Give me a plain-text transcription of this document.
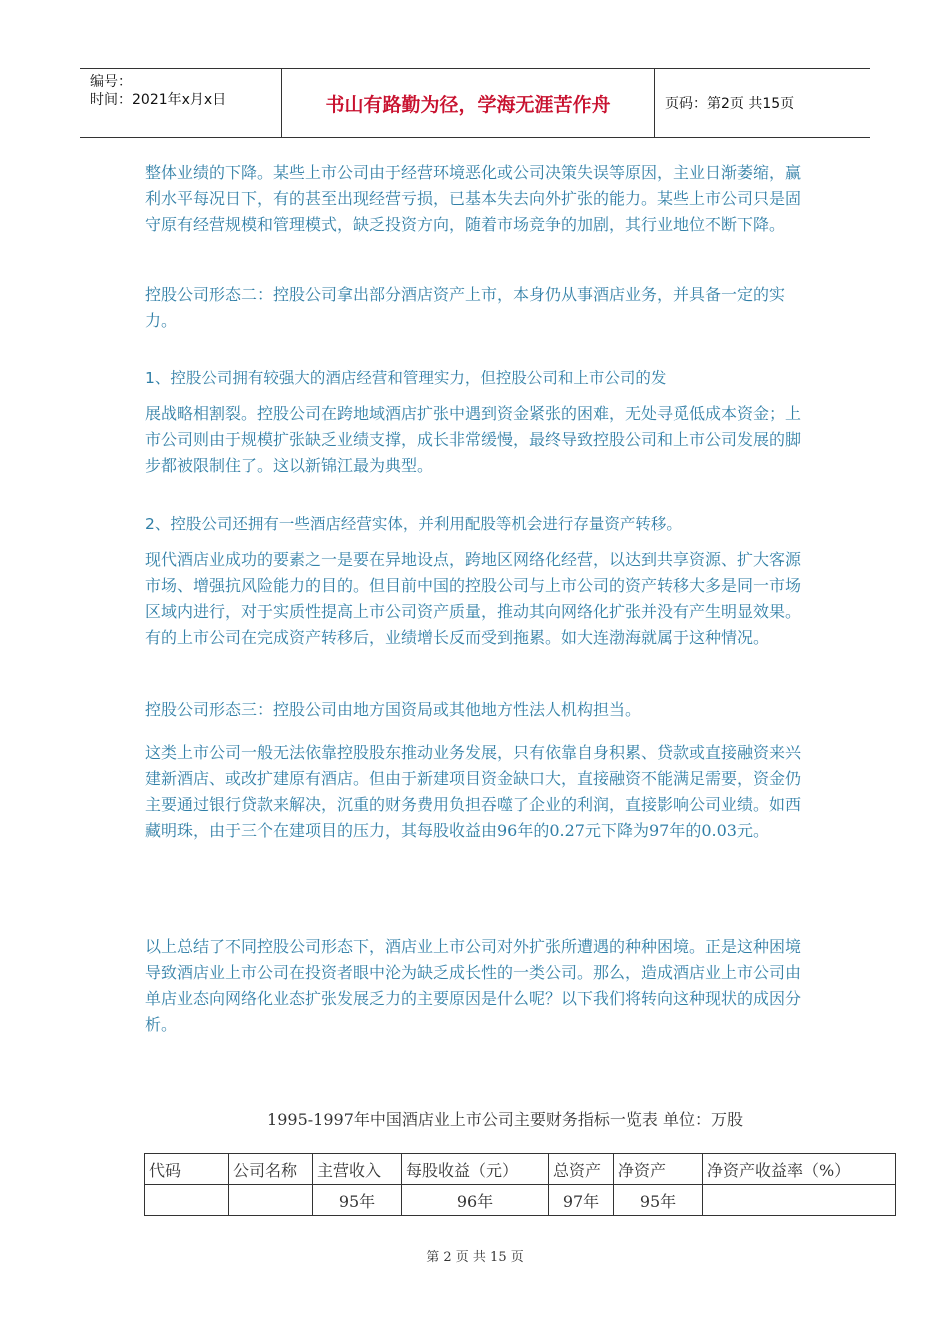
编号：
时间：2021年x月x日	书山有路勤为径，学海无涯苦作舟	页码：第2页 共15页

整体业绩的下降。某些上市公司由于经营环境恶化或公司决策失误等原因，主业日渐萎缩，赢利水平每况日下，有的甚至出现经营亏损，已基本失去向外扩张的能力。某些上市公司只是固守原有经营规模和管理模式，缺乏投资方向，随着市场竞争的加剧，其行业地位不断下降。

控股公司形态二：控股公司拿出部分酒店资产上市，本身仍从事酒店业务，并具备一定的实力。

1、控股公司拥有较强大的酒店经营和管理实力，但控股公司和上市公司的发

展战略相割裂。控股公司在跨地域酒店扩张中遇到资金紧张的困难，无处寻觅低成本资金；上市公司则由于规模扩张缺乏业绩支撑，成长非常缓慢，最终导致控股公司和上市公司发展的脚步都被限制住了。这以新锦江最为典型。

2、控股公司还拥有一些酒店经营实体，并利用配股等机会进行存量资产转移。

现代酒店业成功的要素之一是要在异地设点，跨地区网络化经营，以达到共享资源、扩大客源市场、增强抗风险能力的目的。但目前中国的控股公司与上市公司的资产转移大多是同一市场区域内进行，对于实质性提高上市公司资产质量，推动其向网络化扩张并没有产生明显效果。有的上市公司在完成资产转移后，业绩增长反而受到拖累。如大连渤海就属于这种情况。

控股公司形态三：控股公司由地方国资局或其他地方性法人机构担当。

这类上市公司一般无法依靠控股股东推动业务发展，只有依靠自身积累、贷款或直接融资来兴建新酒店、或改扩建原有酒店。但由于新建项目资金缺口大，直接融资不能满足需要，资金仍主要通过银行贷款来解决，沉重的财务费用负担吞噬了企业的利润，直接影响公司业绩。如西藏明珠，由于三个在建项目的压力，其每股收益由96年的0.27元下降为97年的0.03元。

以上总结了不同控股公司形态下，酒店业上市公司对外扩张所遭遇的种种困境。正是这种困境导致酒店业上市公司在投资者眼中沦为缺乏成长性的一类公司。那么，造成酒店业上市公司由单店业态向网络化业态扩张发展乏力的主要原因是什么呢？以下我们将转向这种现状的成因分析。

1995-1997年中国酒店业上市公司主要财务指标一览表 单位：万股
代码	公司名称	主营收入	每股收益（元）	总资产	净资产	净资产收益率（%）
		95年	96年	97年	95年	
第 2 页 共 15 页
